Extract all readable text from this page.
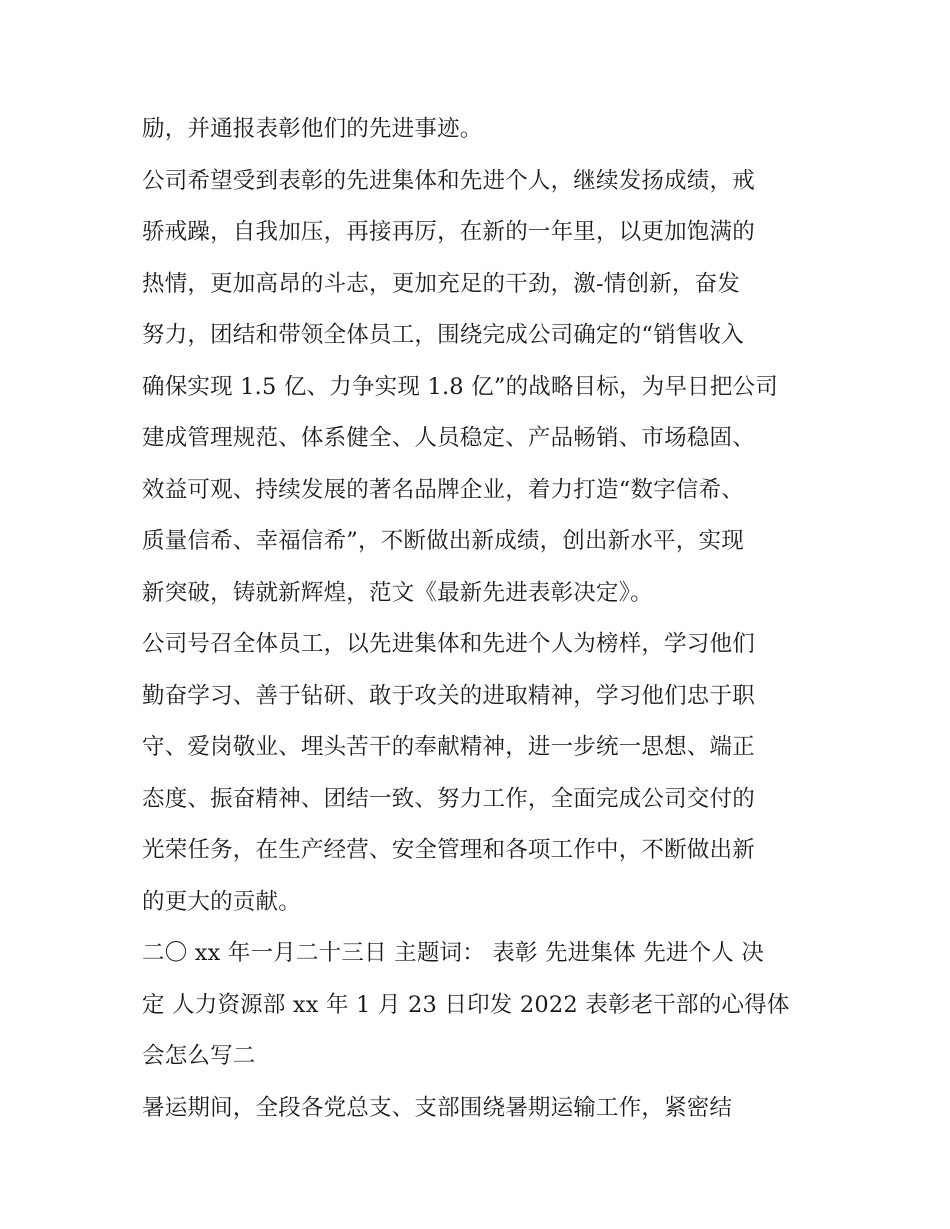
励，并通报表彰他们的先进事迹。
公司希望受到表彰的先进集体和先进个人，继续发扬成绩，戒
骄戒躁，自我加压，再接再厉，在新的一年里，以更加饱满的
热情，更加高昂的斗志，更加充足的干劲，激-情创新，奋发
努力，团结和带领全体员工，围绕完成公司确定的“销售收入
确保实现 1.5 亿、力争实现 1.8 亿”的战略目标，为早日把公司
建成管理规范、体系健全、人员稳定、产品畅销、市场稳固、
效益可观、持续发展的著名品牌企业，着力打造“数字信希、
质量信希、幸福信希”，不断做出新成绩，创出新水平，实现
新突破，铸就新辉煌，范文《最新先进表彰决定》。
公司号召全体员工，以先进集体和先进个人为榜样，学习他们
勤奋学习、善于钻研、敢于攻关的进取精神，学习他们忠于职
守、爱岗敬业、埋头苦干的奉献精神，进一步统一思想、端正
态度、振奋精神、团结一致、努力工作，全面完成公司交付的
光荣任务，在生产经营、安全管理和各项工作中，不断做出新
的更大的贡献。
二〇 xx 年一月二十三日 主题词： 表彰 先进集体 先进个人 决
定 人力资源部 xx 年 1 月 23 日印发 2022 表彰老干部的心得体
会怎么写二
暑运期间，全段各党总支、支部围绕暑期运输工作，紧密结
